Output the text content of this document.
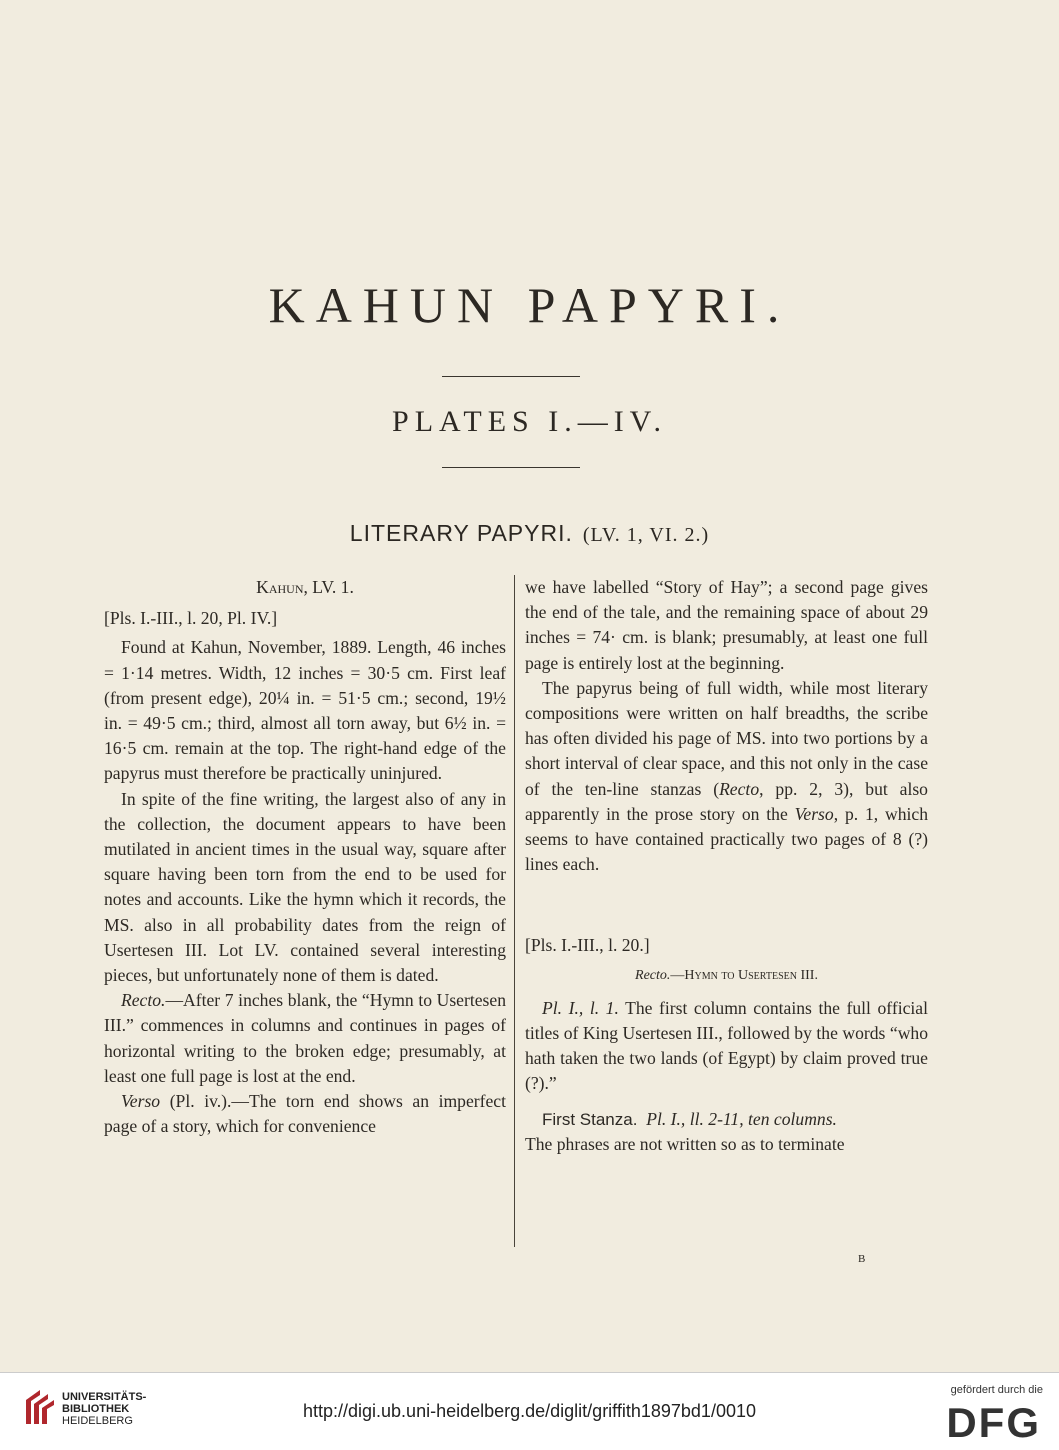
KAHUN PAPYRI.
PLATES I.—IV.
LITERARY PAPYRI. (LV. 1, VI. 2.)

Kahun, LV. 1.

[Pls. I.-III., l. 20, Pl. IV.]

Found at Kahun, November, 1889. Length, 46 inches = 1·14 metres. Width, 12 inches = 30·5 cm. First leaf (from present edge), 20¼ in. = 51·5 cm.; second, 19½ in. = 49·5 cm.; third, almost all torn away, but 6½ in. = 16·5 cm. remain at the top. The right-hand edge of the papyrus must therefore be practically uninjured.

In spite of the fine writing, the largest also of any in the collection, the document appears to have been mutilated in ancient times in the usual way, square after square having been torn from the end to be used for notes and accounts. Like the hymn which it records, the MS. also in all probability dates from the reign of Usertesen III. Lot LV. contained several interesting pieces, but unfortunately none of them is dated.

Recto.—After 7 inches blank, the “Hymn to Usertesen III.” commences in columns and continues in pages of horizontal writing to the broken edge; presumably, at least one full page is lost at the end.

Verso (Pl. iv.).—The torn end shows an imperfect page of a story, which for convenience

we have labelled “Story of Hay”; a second page gives the end of the tale, and the remaining space of about 29 inches = 74· cm. is blank; presumably, at least one full page is entirely lost at the beginning.

The papyrus being of full width, while most literary compositions were written on half breadths, the scribe has often divided his page of MS. into two portions by a short interval of clear space, and this not only in the case of the ten-line stanzas (Recto, pp. 2, 3), but also apparently in the prose story on the Verso, p. 1, which seems to have contained practically two pages of 8 (?) lines each.

[Pls. I.-III., l. 20.]

Recto.—Hymn to Usertesen III.

Pl. I., l. 1. The first column contains the full official titles of King Usertesen III., followed by the words “who hath taken the two lands (of Egypt) by claim proved true (?).”

First Stanza. Pl. I., ll. 2-11, ten columns.

The phrases are not written so as to terminate

B
UNIVERSITÄTS-
BIBLIOTHEK
HEIDELBERG	http://digi.ub.uni-heidelberg.de/diglit/griffith1897bd1/0010
gefördert durch die
DFG
